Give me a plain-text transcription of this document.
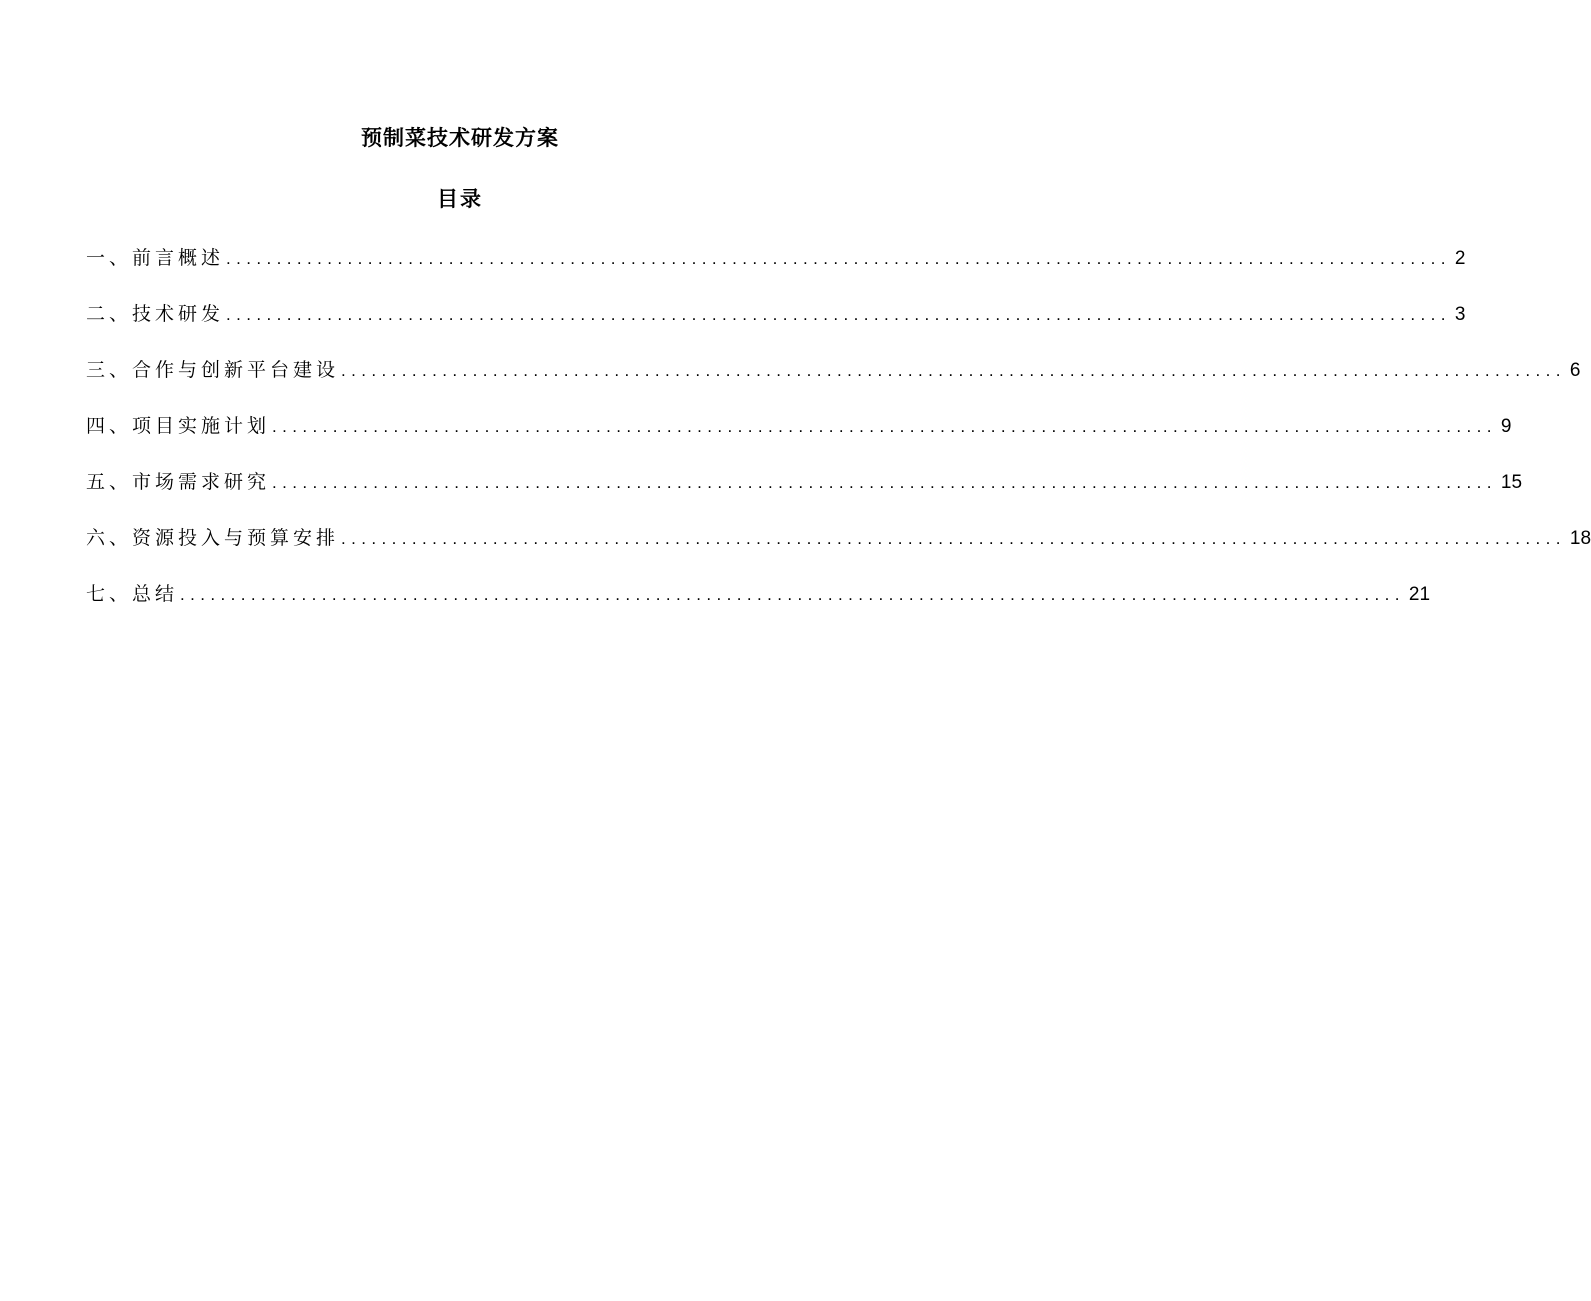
预制菜技术研发方案
目录
一、前言概述 ......................................................................................................................... 2
二、技术研发 ......................................................................................................................... 3
三、合作与创新平台建设 ......................................................................................................................... 6
四、项目实施计划 ......................................................................................................................... 9
五、市场需求研究 ......................................................................................................................... 15
六、资源投入与预算安排 ......................................................................................................................... 18
七、总结 ......................................................................................................................... 21
